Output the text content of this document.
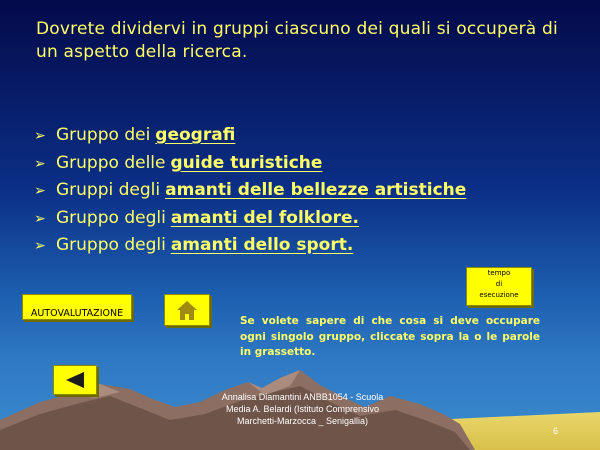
Dovrete dividervi in gruppi ciascuno dei quali si occuperà di un aspetto della ricerca.
➢ Gruppo dei geografi
➢ Gruppo delle guide turistiche
➢ Gruppi degli amanti delle bellezze artistiche
➢ Gruppo degli amanti del folklore.
➢ Gruppo degli amanti dello sport.
tempo
di
esecuzione
AUTOVALUTAZIONE
Se volete sapere di che cosa si deve occupare ogni singolo gruppo, cliccate sopra la o le parole in grassetto.
Annalisa Diamantini ANBB1054 - Scuola Media A. Belardi (Istituto Comprensivo Marchetti-Marzocca _ Senigallia)
6
